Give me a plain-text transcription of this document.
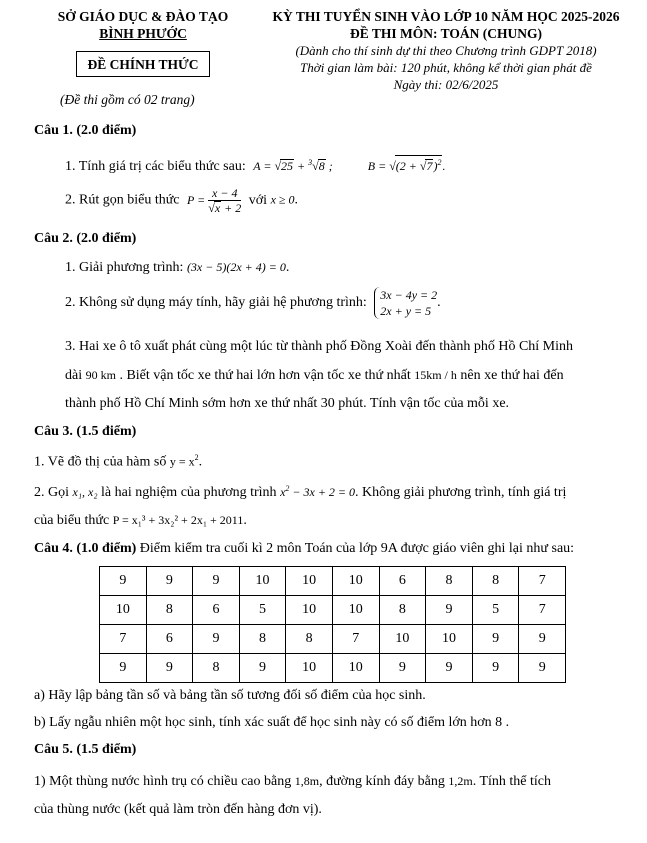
SỞ GIÁO DỤC & ĐÀO TẠO
BÌNH PHƯỚC
ĐỀ CHÍNH THỨC
(Đề thi gồm có 02 trang)
KỲ THI TUYỂN SINH VÀO LỚP 10 NĂM HỌC 2025-2026
ĐỀ THI MÔN: TOÁN (CHUNG)
(Dành cho thí sinh dự thi theo Chương trình GDPT 2018)
Thời gian làm bài: 120 phút, không kể thời gian phát đề
Ngày thi: 02/6/2025
Câu 1. (2.0 điểm)
1. Tính giá trị các biểu thức sau: A = √25 + $^3$√8 ;	$B = √(2 + √7)^2$.
2. Rút gọn biểu thức $P = \frac{x - 4}{√x + 2}$ với x ≥ 0.
Câu 2. (2.0 điểm)
1. Giải phương trình: (3x − 5)(2x + 4) = 0.
2. Không sử dụng máy tính, hãy giải hệ phương trình: 3x − 4y = 2
2x + y = 5
.
3. Hai xe ô tô xuất phát cùng một lúc từ thành phố Đồng Xoài đến thành phố Hồ Chí Minh
dài 90 km . Biết vận tốc xe thứ hai lớn hơn vận tốc xe thứ nhất 15km / h nên xe thứ hai đến
thành phố Hồ Chí Minh sớm hơn xe thứ nhất 30 phút. Tính vận tốc của mỗi xe.
Câu 3. (1.5 điểm)
1. Vẽ đồ thị của hàm số $y = x^2$.
2. Gọi x₁, x₂ là hai nghiệm của phương trình $x^2 - 3x + 2 = 0$. Không giải phương trình, tính giá trị
của biểu thức P = x₁³ + 3x₂² + 2x₁ + 2011.
Câu 4. (1.0 điểm) Điểm kiểm tra cuối kì 2 môn Toán của lớp 9A được giáo viên ghi lại như sau:
9	9	9	10	10	10	6	8	8	7
10	8	6	5	10	10	8	9	5	7
7	6	9	8	8	7	10	10	9	9
9	9	8	9	10	10	9	9	9	9
a) Hãy lập bảng tần số và bảng tần số tương đối số điểm của học sinh.
b) Lấy ngẫu nhiên một học sinh, tính xác suất để học sinh này có số điểm lớn hơn 8 .
Câu 5. (1.5 điểm)
1) Một thùng nước hình trụ có chiều cao bằng 1,8m, đường kính đáy bằng 1,2m. Tính thể tích
của thùng nước (kết quả làm tròn đến hàng đơn vị).
